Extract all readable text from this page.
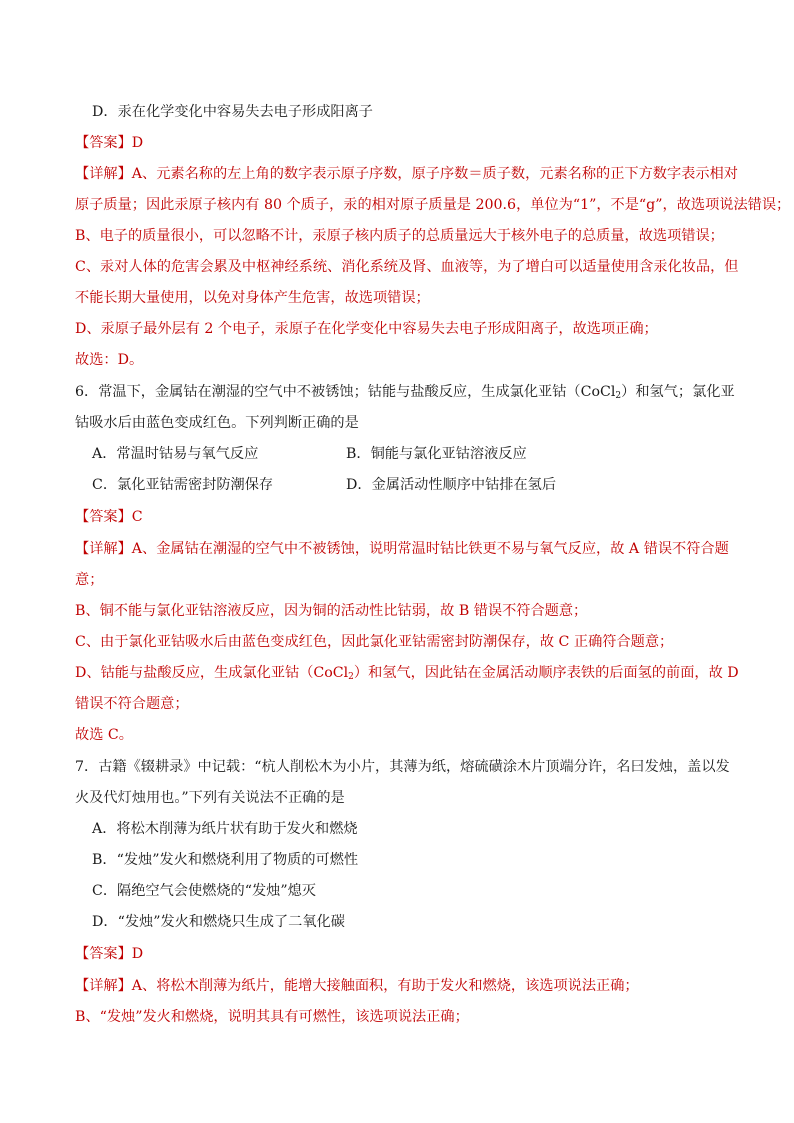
D．汞在化学变化中容易失去电子形成阳离子
【答案】D
【详解】A、元素名称的左上角的数字表示原子序数，原子序数＝质子数，元素名称的正下方数字表示相对
原子质量；因此汞原子核内有 80 个质子，汞的相对原子质量是 200.6，单位为“1”，不是“g”，故选项说法错误；
B、电子的质量很小，可以忽略不计，汞原子核内质子的总质量远大于核外电子的总质量，故选项错误；
C、汞对人体的危害会累及中枢神经系统、消化系统及肾、血液等，为了增白可以适量使用含汞化妆品，但
不能长期大量使用，以免对身体产生危害，故选项错误；
D、汞原子最外层有 2 个电子，汞原子在化学变化中容易失去电子形成阳离子，故选项正确；
故选：D。
6．常温下，金属钴在潮湿的空气中不被锈蚀；钴能与盐酸反应，生成氯化亚钴（CoCl$_2$）和氢气；氯化亚
钴吸水后由蓝色变成红色。下列判断正确的是
A．常温时钴易与氧气反应	B．铜能与氯化亚钴溶液反应
C．氯化亚钴需密封防潮保存	D．金属活动性顺序中钴排在氢后
【答案】C
【详解】A、金属钴在潮湿的空气中不被锈蚀，说明常温时钴比铁更不易与氧气反应，故 A 错误不符合题
意；
B、铜不能与氯化亚钴溶液反应，因为铜的活动性比钴弱，故 B 错误不符合题意；
C、由于氯化亚钴吸水后由蓝色变成红色，因此氯化亚钴需密封防潮保存，故 C 正确符合题意；
D、钴能与盐酸反应，生成氯化亚钴（CoCl$_2$）和氢气，因此钴在金属活动顺序表铁的后面氢的前面，故 D
错误不符合题意；
故选 C。
7．古籍《辍耕录》中记载：“杭人削松木为小片，其薄为纸，熔硫磺涂木片顶端分许，名曰发烛，盖以发
火及代灯烛用也。”下列有关说法不正确的是
A．将松木削薄为纸片状有助于发火和燃烧
B．“发烛”发火和燃烧利用了物质的可燃性
C．隔绝空气会使燃烧的“发烛”熄灭
D．“发烛”发火和燃烧只生成了二氧化碳
【答案】D
【详解】A、将松木削薄为纸片，能增大接触面积，有助于发火和燃烧，该选项说法正确；
B、“发烛”发火和燃烧，说明其具有可燃性，该选项说法正确；
